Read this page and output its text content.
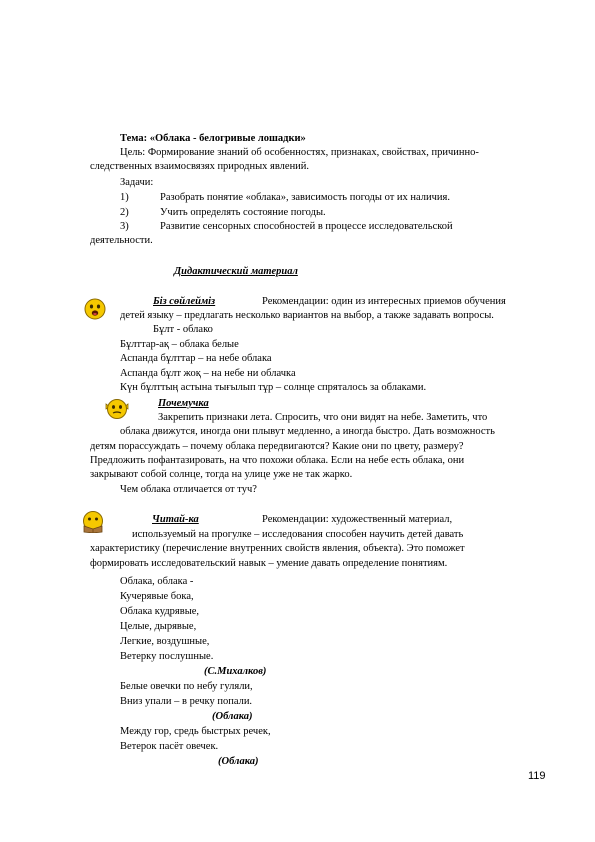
Тема: «Облака - белогривые лошадки»
Цель: Формирование знаний об особенностях, признаках, свойствах, причинно-
следственных взаимосвязях природных явлений.
Задачи:
1)	Разобрать понятие «облака», зависимость погоды от их наличия.
2)	Учить определять состояние погоды.
3)	Развитие сенсорных способностей в процессе исследовательской
деятельности.
Дидактический материал
Біз сөйлейміз	Рекомендации: один из интересных приемов обучения
детей языку – предлагать несколько вариантов на выбор, а также задавать вопросы.
Бұлт - облако
Бұлттар-ақ – облака белые
Аспанда бұлттар – на небе облака
Аспанда бұлт жоқ – на небе ни облачка
Күн бұлттың астына тығылып тұр – солнце спряталось за облаками.
Почемучка
Закрепить признаки лета. Спросить, что они видят на небе. Заметить, что
облака движутся, иногда они плывут медленно, а иногда быстро. Дать возможность
детям порассуждать – почему облака передвигаются? Какие они по цвету, размеру?
Предложить пофантазировать, на что похожи облака. Если на небе есть облака, они
закрывают собой солнце, тогда на улице уже не так жарко.
Чем облака отличается от туч?
Читай-ка	Рекомендации: художественный материал,
используемый на прогулке – исследования способен научить детей давать
характеристику (перечисление внутренних свойств явления, объекта). Это поможет
формировать исследовательский навык – умение давать определение понятиям.
Облака, облака -
Кучерявые бока,
Облака кудрявые,
Целые, дырявые,
Легкие, воздушные,
Ветерку послушные.
(С.Михалков)
Белые овечки по небу гуляли,
Вниз упали – в речку попали.
(Облака)
Между гор, средь быстрых речек,
Ветерок пасёт овечек.
(Облака)
119
